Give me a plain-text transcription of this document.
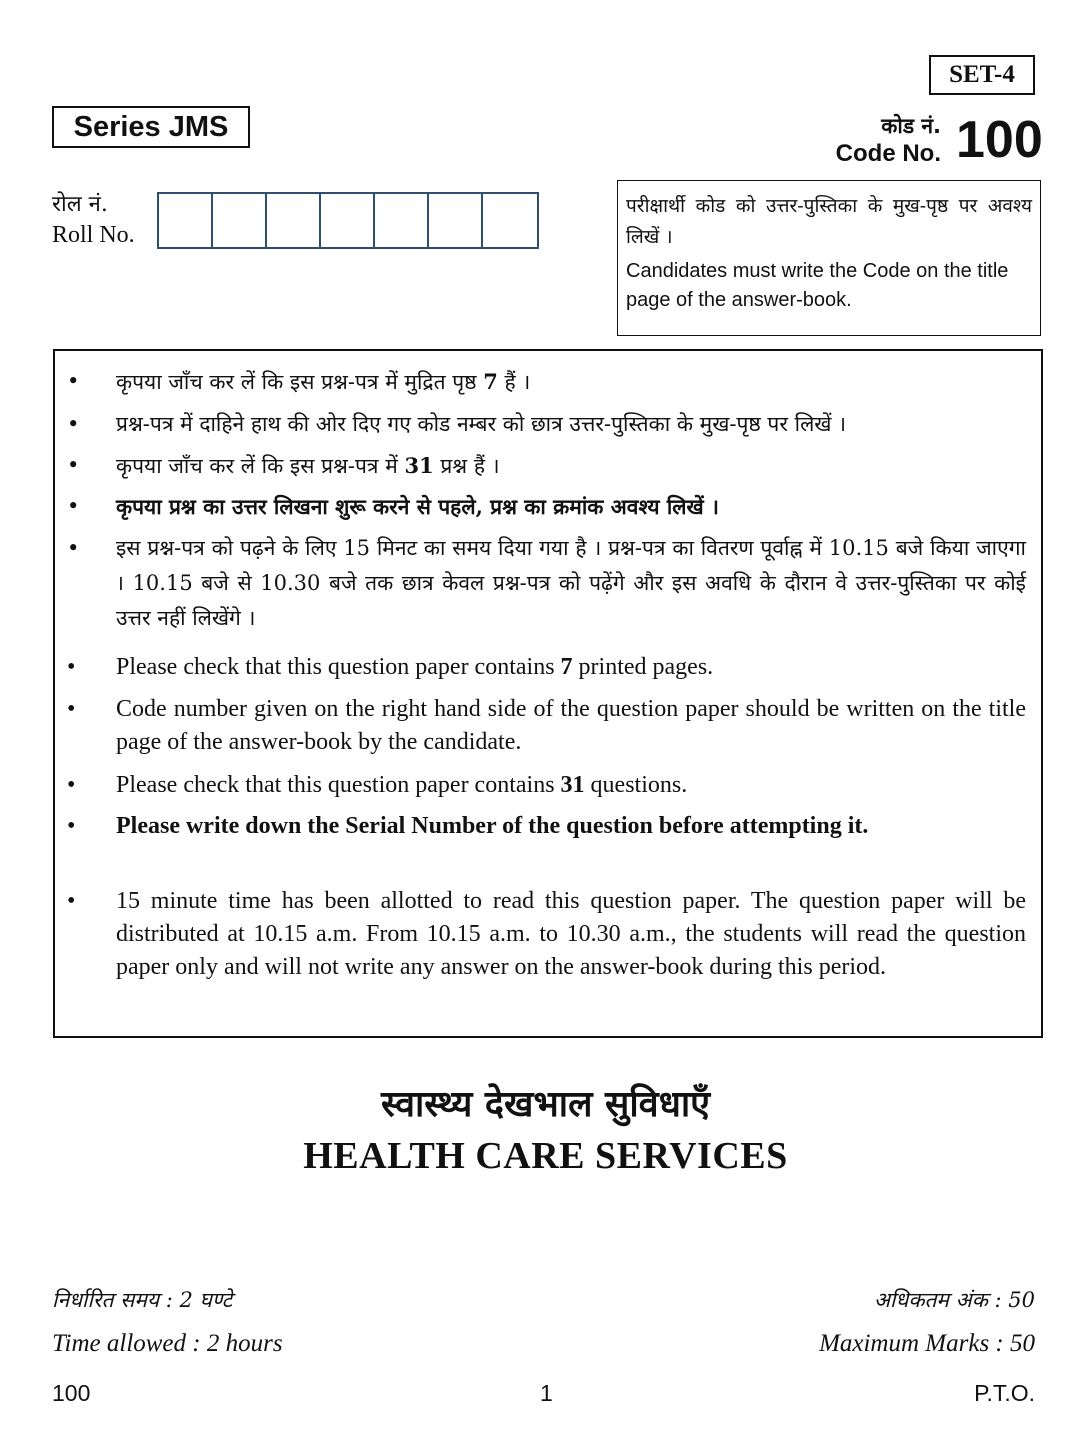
SET-4
Series JMS	कोड नं.
Code No. 100
रोल नं.
Roll No.
परीक्षार्थी कोड को उत्तर-पुस्तिका के मुख-पृष्ठ पर अवश्य लिखें ।
Candidates must write the Code on the title page of the answer-book.
• कृपया जाँच कर लें कि इस प्रश्न-पत्र में मुद्रित पृष्ठ 7 हैं ।
• प्रश्न-पत्र में दाहिने हाथ की ओर दिए गए कोड नम्बर को छात्र उत्तर-पुस्तिका के मुख-पृष्ठ पर लिखें ।
• कृपया जाँच कर लें कि इस प्रश्न-पत्र में 31 प्रश्न हैं ।
• कृपया प्रश्न का उत्तर लिखना शुरू करने से पहले, प्रश्न का क्रमांक अवश्य लिखें ।
• इस प्रश्न-पत्र को पढ़ने के लिए 15 मिनट का समय दिया गया है । प्रश्न-पत्र का वितरण पूर्वाह्न में 10.15 बजे किया जाएगा । 10.15 बजे से 10.30 बजे तक छात्र केवल प्रश्न-पत्र को पढ़ेंगे और इस अवधि के दौरान वे उत्तर-पुस्तिका पर कोई उत्तर नहीं लिखेंगे ।
• Please check that this question paper contains 7 printed pages.
• Code number given on the right hand side of the question paper should be written on the title page of the answer-book by the candidate.
• Please check that this question paper contains 31 questions.
• Please write down the Serial Number of the question before attempting it.
• 15 minute time has been allotted to read this question paper. The question paper will be distributed at 10.15 a.m. From 10.15 a.m. to 10.30 a.m., the students will read the question paper only and will not write any answer on the answer-book during this period.
स्वास्थ्य देखभाल सुविधाएँ
HEALTH CARE SERVICES
निर्धारित समय : 2 घण्टे
Time allowed : 2 hours
अधिकतम अंक : 50
Maximum Marks : 50
100	1	P.T.O.
